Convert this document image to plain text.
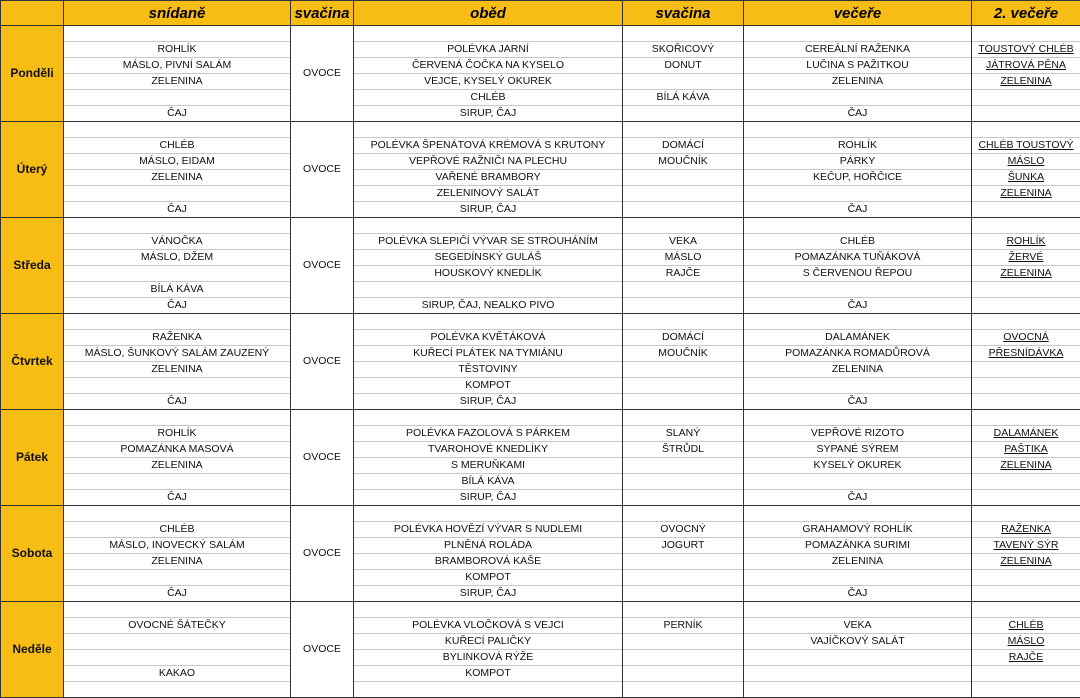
	snídaně	svačina	oběd	svačina	večeře	2. večeře
Ponděli		OVOCE				
	ROHLÍK		POLÉVKA JARNÍ	SKOŘICOVÝ	CEREÁLNÍ RAŽENKA	TOUSTOVÝ CHLÉB
	MÁSLO, PIVNÍ SALÁM		ČERVENÁ ČOČKA NA KYSELO	DONUT	LUČINA S PAŽITKOU	JÁTROVÁ PĚNA
	ZELENINA		VEJCE, KYSELÝ OKUREK		ZELENINA	ZELENINA
			CHLÉB	BÍLÁ KÁVA		
	ČAJ		SIRUP, ČAJ		ČAJ	
Úterý		OVOCE				
	CHLÉB		POLÉVKA ŠPENÁTOVÁ KRÉMOVÁ S KRUTONY	DOMÁCÍ	ROHLÍK	CHLÉB TOUSTOVÝ
	MÁSLO, EIDAM		VEPŘOVÉ RAŽNIČI NA PLECHU	MOUČNÍK	PÁRKY	MÁSLO
	ZELENINA		VAŘENÉ BRAMBORY		KEČUP, HOŘČICE	ŠUNKA
			ZELENINOVÝ SALÁT			ZELENINA
	ČAJ		SIRUP, ČAJ		ČAJ	
Středa		OVOCE				
	VÁNOČKA		POLÉVKA SLEPIČÍ VÝVAR SE STROUHÁNÍM	VEKA	CHLÉB	ROHLÍK
	MÁSLO, DŽEM		SEGEDÍNSKÝ GULÁŠ	MÁSLO	POMAZÁNKA TUŇÁKOVÁ	ŽERVÉ
			HOUSKOVÝ KNEDLÍK	RAJČE	S ČERVENOU ŘEPOU	ZELENINA
	BÍLÁ KÁVA					
	ČAJ		SIRUP, ČAJ, NEALKO PIVO		ČAJ	
Čtvrtek		OVOCE				
	RAŽENKA		POLÉVKA KVĚTÁKOVÁ	DOMÁCÍ	DALAMÁNEK	OVOCNÁ
	MÁSLO, ŠUNKOVÝ SALÁM ZAUZENÝ		KUŘECÍ PLÁTEK NA TYMIÁNU	MOUČNÍK	POMAZÁNKA ROMADŮROVÁ	PŘESNÍDÁVKA
	ZELENINA		TĚSTOVINY		ZELENINA	
			KOMPOT			
	ČAJ		SIRUP, ČAJ		ČAJ	
Pátek		OVOCE				
	ROHLÍK		POLÉVKA FAZOLOVÁ S PÁRKEM	SLANÝ	VEPŘOVÉ RIZOTO	DALAMÁNEK
	POMAZÁNKA MASOVÁ		TVAROHOVÉ KNEDLÍKY	ŠTRŮDL	SYPANÉ SÝREM	PAŠTIKA
	ZELENINA		S MERUŇKAMI		KYSELÝ OKUREK	ZELENINA
			BÍLÁ KÁVA			
	ČAJ		SIRUP, ČAJ		ČAJ	
Sobota		OVOCE				
	CHLÉB		POLÉVKA HOVĚZÍ VÝVAR S NUDLEMI	OVOCNÝ	GRAHAMOVÝ ROHLÍK	RAŽENKA
	MÁSLO, INOVECKÝ SALÁM		PLNĚNÁ ROLÁDA	JOGURT	POMAZÁNKA SURIMI	TAVENÝ SÝR
	ZELENINA		BRAMBOROVÁ KAŠE		ZELENINA	ZELENINA
			KOMPOT			
	ČAJ		SIRUP, ČAJ		ČAJ	
Neděle		OVOCE				
	OVOCNÉ ŠÁTEČKY		POLÉVKA VLOČKOVÁ S VEJCI	PERNÍK	VEKA	CHLÉB
			KUŘECÍ PALIČKY		VAJÍČKOVÝ SALÁT	MÁSLO
			BYLINKOVÁ RÝŽE			RAJČE
	KAKAO		KOMPOT			
